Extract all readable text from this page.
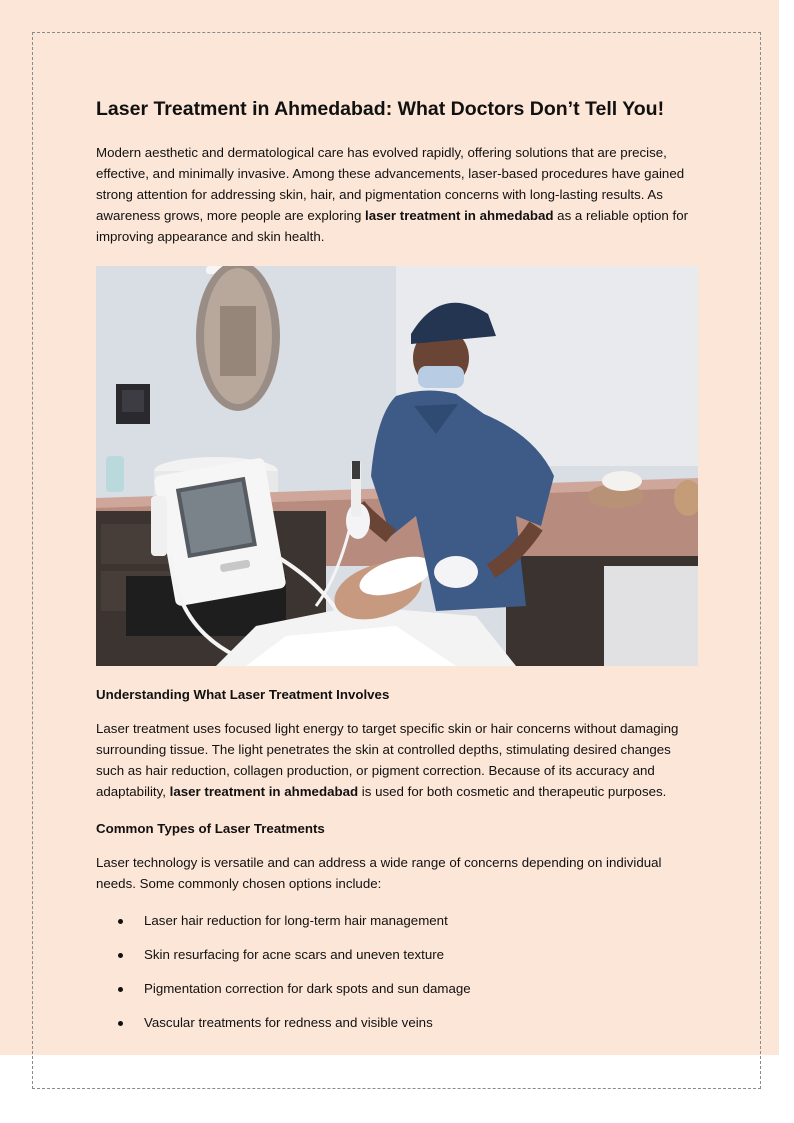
Laser Treatment in Ahmedabad: What Doctors Don’t Tell You!

Modern aesthetic and dermatological care has evolved rapidly, offering solutions that are precise, effective, and minimally invasive. Among these advancements, laser-based procedures have gained strong attention for addressing skin, hair, and pigmentation concerns with long-lasting results. As awareness grows, more people are exploring laser treatment in ahmedabad as a reliable option for improving appearance and skin health.

Understanding What Laser Treatment Involves

Laser treatment uses focused light energy to target specific skin or hair concerns without damaging surrounding tissue. The light penetrates the skin at controlled depths, stimulating desired changes such as hair reduction, collagen production, or pigment correction. Because of its accuracy and adaptability, laser treatment in ahmedabad is used for both cosmetic and therapeutic purposes.

Common Types of Laser Treatments

Laser technology is versatile and can address a wide range of concerns depending on individual needs. Some commonly chosen options include:

Laser hair reduction for long-term hair management
Skin resurfacing for acne scars and uneven texture
Pigmentation correction for dark spots and sun damage
Vascular treatments for redness and visible veins
